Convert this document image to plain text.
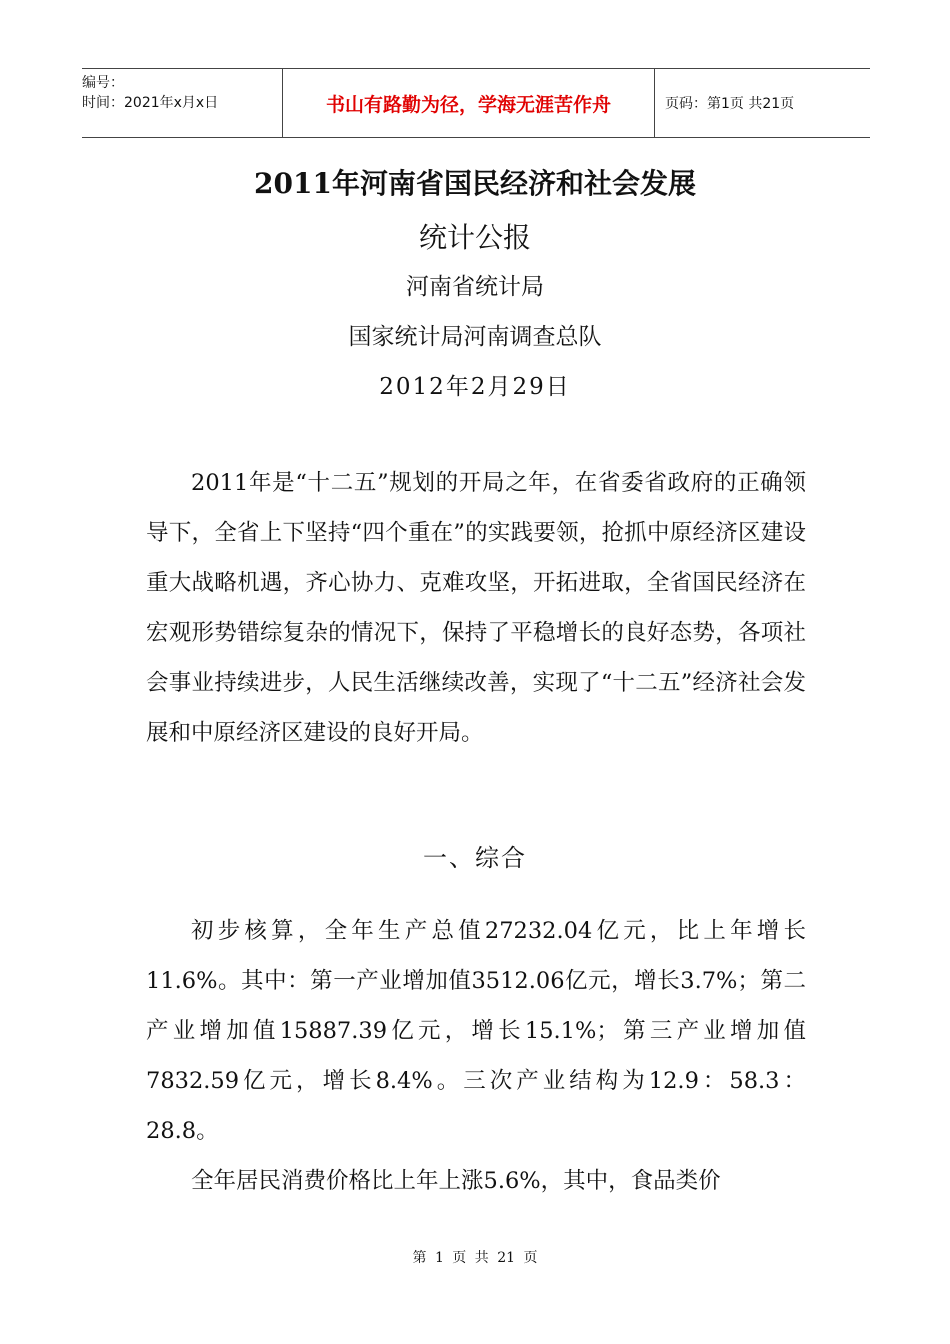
编号：
时间：2021年x月x日	书山有路勤为径，学海无涯苦作舟	页码：第1页 共21页
2011年河南省国民经济和社会发展
统计公报
河南省统计局
国家统计局河南调查总队
2012年2月29日

2011年是“十二五”规划的开局之年，在省委省政府的正确领导下，全省上下坚持“四个重在”的实践要领，抢抓中原经济区建设重大战略机遇，齐心协力、克难攻坚，开拓进取，全省国民经济在宏观形势错综复杂的情况下，保持了平稳增长的良好态势，各项社会事业持续进步，人民生活继续改善，实现了“十二五”经济社会发展和中原经济区建设的良好开局。

一、综合

初步核算，全年生产总值27232.04亿元，比上年增长11.6%。其中：第一产业增加值3512.06亿元，增长3.7%；第二产业增加值15887.39亿元，增长15.1%；第三产业增加值7832.59亿元，增长8.4%。三次产业结构为12.9：58.3：28.8。

全年居民消费价格比上年上涨5.6%，其中，食品类价

第 1 页 共 21 页
